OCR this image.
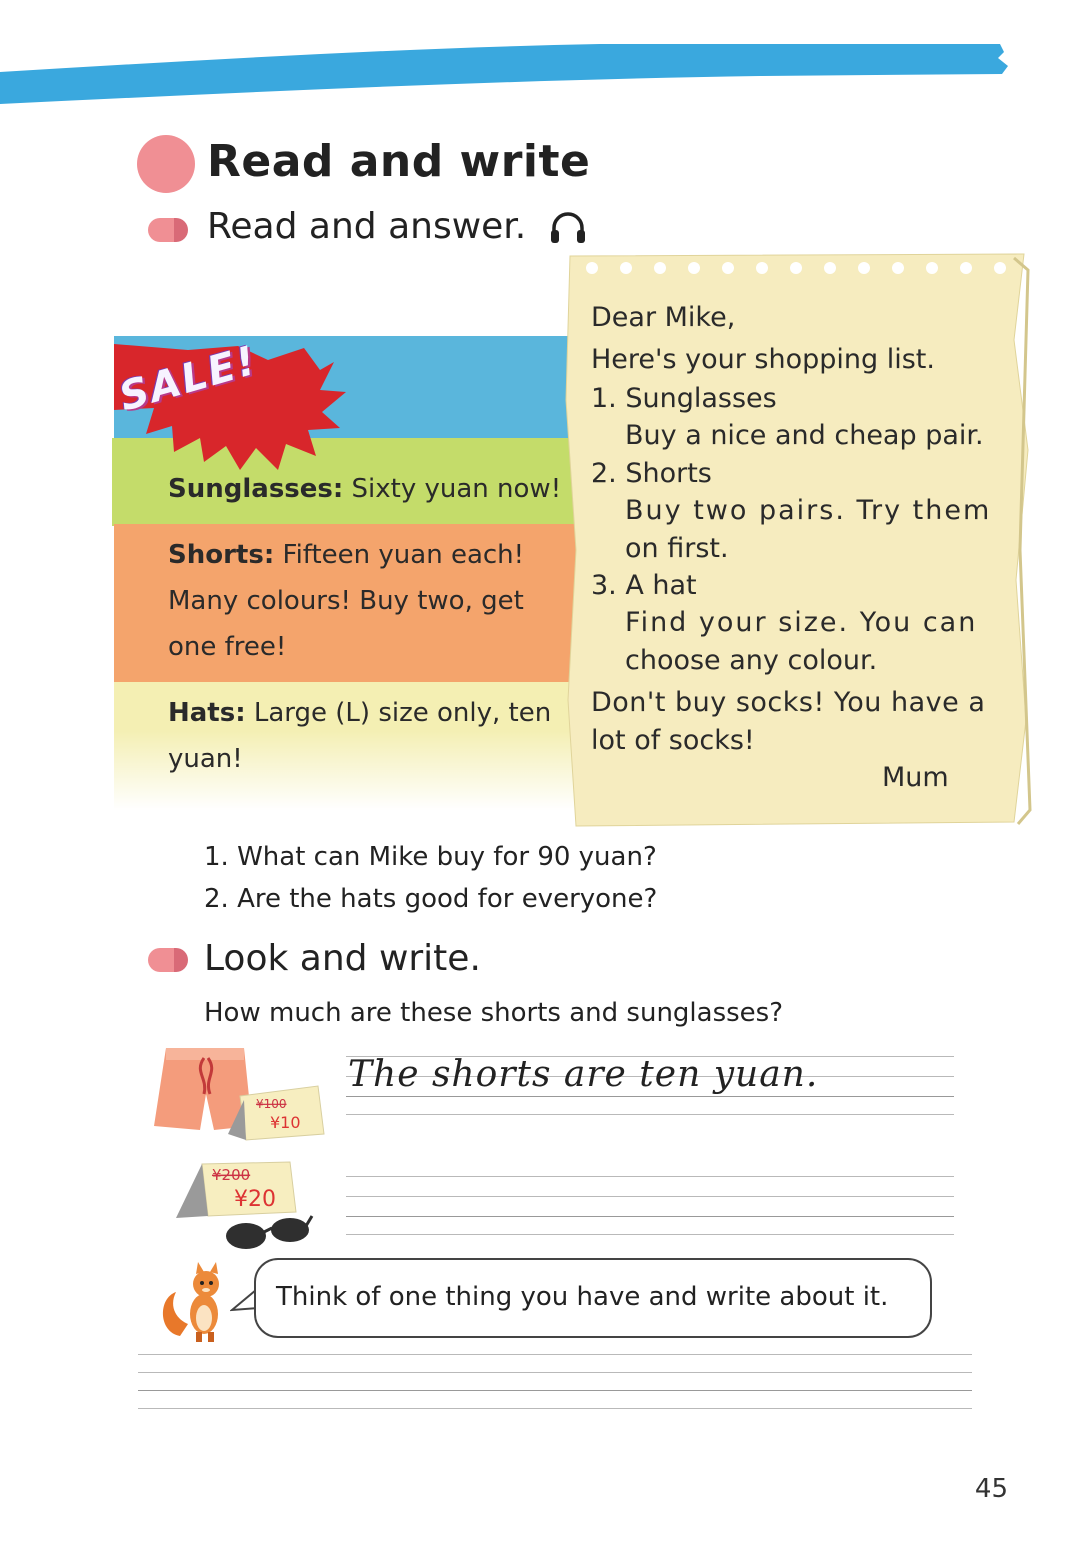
Read and write
Read and answer.
SALE!
Sunglasses: Sixty yuan now!
Shorts: Fifteen yuan each!
Many colours! Buy two, get
one free!
Hats: Large (L) size only, ten
yuan!
Dear Mike,
Here's your shopping list.
1. Sunglasses
Buy a nice and cheap pair.
2. Shorts
Buy two pairs. Try them
on first.
3. A hat
Find your size. You can
choose any colour.
Don't buy socks! You have a
lot of socks!
Mum
1. What can Mike buy for 90 yuan?
2. Are the hats good for everyone?
Look and write.
How much are these shorts and sunglasses?
¥100
¥10
¥200
¥20
The shorts are ten yuan.
Think of one thing you have and write about it.
45
